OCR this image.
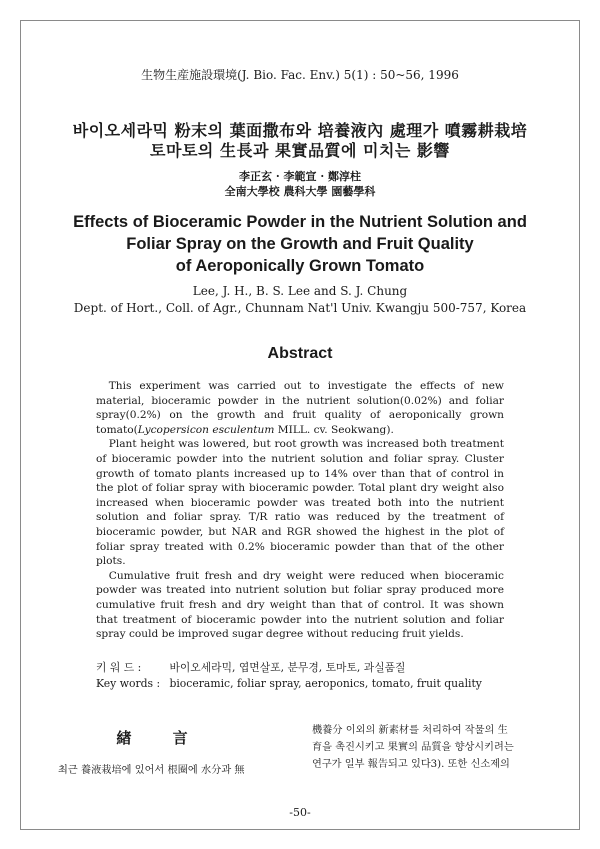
生物生産施設環境(J. Bio. Fac. Env.) 5(1) : 50~56, 1996
바이오세라믹 粉末의 葉面撒布와 培養液內 處理가 噴霧耕栽培
토마토의 生長과 果實品質에 미치는 影響
李正玄 · 李範宣 · 鄭淳柱
全南大學校 農科大學 園藝學科
Effects of Bioceramic Powder in the Nutrient Solution and
Foliar Spray on the Growth and Fruit Quality
of Aeroponically Grown Tomato
Lee, J. H., B. S. Lee and S. J. Chung
Dept. of Hort., Coll. of Agr., Chunnam Nat'l Univ. Kwangju 500-757, Korea
Abstract

This experiment was carried out to investigate the effects of new material, bioceramic powder in the nutrient solution(0.02%) and foliar spray(0.2%) on the growth and fruit quality of aeroponically grown tomato(Lycopersicon esculentum MILL. cv. Seokwang).

Plant height was lowered, but root growth was increased both treatment of bioceramic powder into the nutrient solution and foliar spray. Cluster growth of tomato plants increased up to 14% over than that of control in the plot of foliar spray with bioceramic powder. Total plant dry weight also increased when bioceramic powder was treated both into the nutrient solution and foliar spray. T/R ratio was reduced by the treatment of bioceramic powder, but NAR and RGR showed the highest in the plot of foliar spray treated with 0.2% bioceramic powder than that of the other plots.

Cumulative fruit fresh and dry weight were reduced when bioceramic powder was treated into nutrient solution but foliar spray produced more cumulative fruit fresh and dry weight than that of control. It was shown that treatment of bioceramic powder into the nutrient solution and foliar spray could be improved sugar degree without reducing fruit yields.

키 워 드 :	바이오세라믹, 엽면살포, 분무경, 토마토, 과실품질
Key words : bioceramic, foliar spray, aeroponics, tomato, fruit quality
緖 言
최근 養液栽培에 있어서 根圈에 水分과 無
機養分 이외의 新素材를 처리하여 작물의 生
育을 촉진시키고 果實의 品質을 향상시키려는
연구가 일부 報告되고 있다3). 또한 신소제의
-50-
